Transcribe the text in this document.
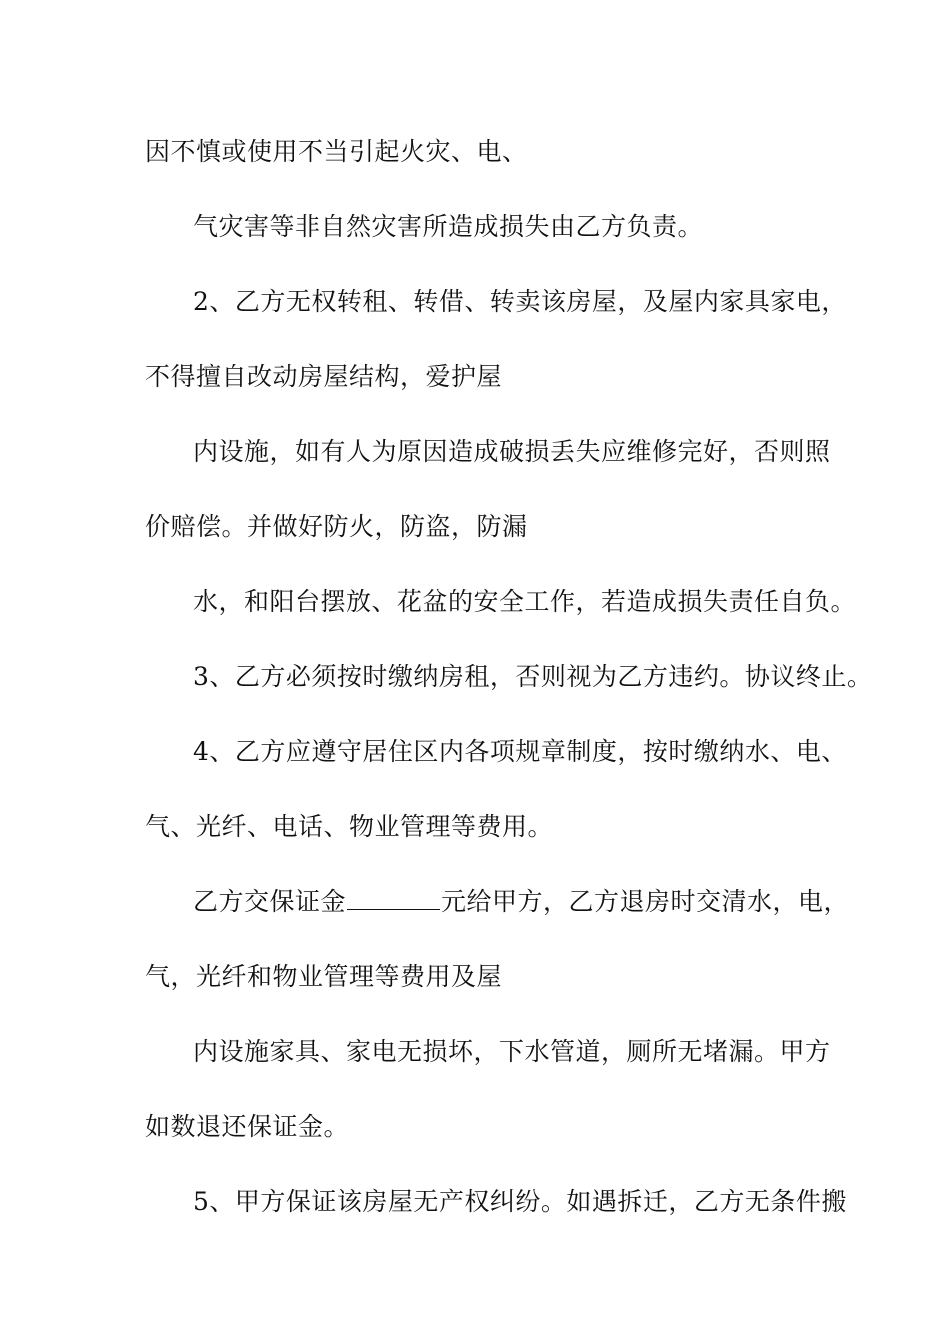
因不慎或使用不当引起火灾、电、
气灾害等非自然灾害所造成损失由乙方负责。
2、乙方无权转租、转借、转卖该房屋，及屋内家具家电，
不得擅自改动房屋结构，爱护屋
内设施，如有人为原因造成破损丢失应维修完好，否则照
价赔偿。并做好防火，防盗，防漏
水，和阳台摆放、花盆的安全工作，若造成损失责任自负。
3、乙方必须按时缴纳房租，否则视为乙方违约。协议终止。
4、乙方应遵守居住区内各项规章制度，按时缴纳水、电、
气、光纤、电话、物业管理等费用。
乙方交保证金	元给甲方，乙方退房时交清水，电，
气，光纤和物业管理等费用及屋
内设施家具、家电无损坏，下水管道，厕所无堵漏。甲方
如数退还保证金。
5、甲方保证该房屋无产权纠纷。如遇拆迁，乙方无条件搬
